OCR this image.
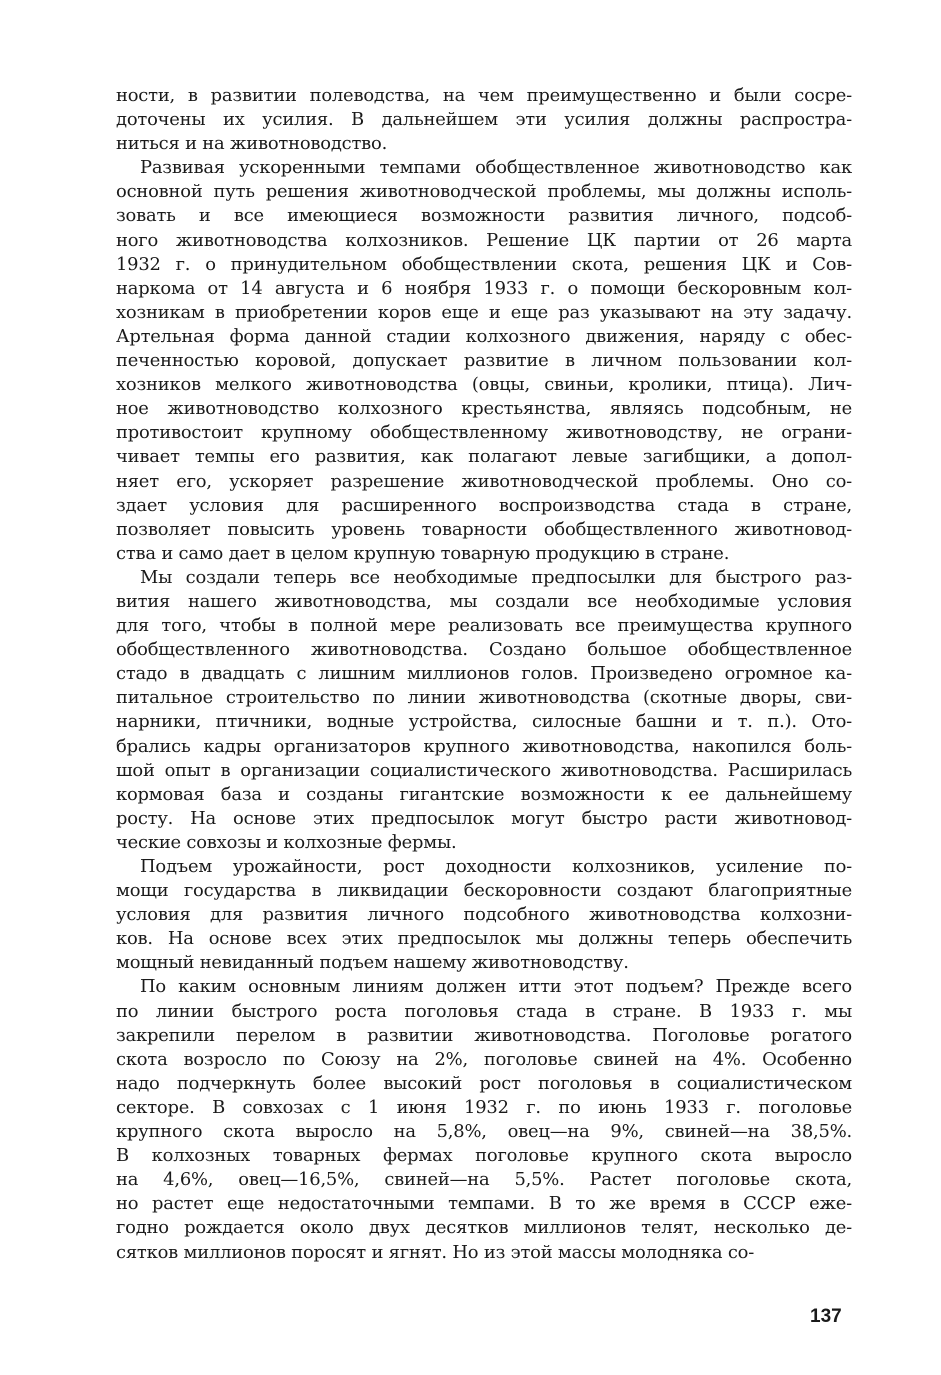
ности, в развитии полеводства, на чем преимущественно и были сосре-
доточены их усилия. В дальнейшем эти усилия должны распростра-
ниться и на животноводство.
Развивая ускоренными темпами обобществленное животноводство как
основной путь решения животноводческой проблемы, мы должны исполь-
зовать и все имеющиеся возможности развития личного, подсоб-
ного животноводства колхозников. Решение ЦК партии от 26 марта
1932 г. о принудительном обобществлении скота, решения ЦК и Сов-
наркома от 14 августа и 6 ноября 1933 г. о помощи бескоровным кол-
хозникам в приобретении коров еще и еще раз указывают на эту задачу.
Артельная форма данной стадии колхозного движения, наряду с обес-
печенностью коровой, допускает развитие в личном пользовании кол-
хозников мелкого животноводства (овцы, свиньи, кролики, птица). Лич-
ное животноводство колхозного крестьянства, являясь подсобным, не
противостоит крупному обобществленному животноводству, не ограни-
чивает темпы его развития, как полагают левые загибщики, а допол-
няет его, ускоряет разрешение животноводческой проблемы. Оно со-
здает условия для расширенного воспроизводства стада в стране,
позволяет повысить уровень товарности обобществленного животновод-
ства и само дает в целом крупную товарную продукцию в стране.
Мы создали теперь все необходимые предпосылки для быстрого раз-
вития нашего животноводства, мы создали все необходимые условия
для того, чтобы в полной мере реализовать все преимущества крупного
обобществленного животноводства. Создано большое обобществленное
стадо в двадцать с лишним миллионов голов. Произведено огромное ка-
питальное строительство по линии животноводства (скотные дворы, сви-
нарники, птичники, водные устройства, силосные башни и т. п.). Ото-
брались кадры организаторов крупного животноводства, накопился боль-
шой опыт в организации социалистического животноводства. Расширилась
кормовая база и созданы гигантские возможности к ее дальнейшему
росту. На основе этих предпосылок могут быстро расти животновод-
ческие совхозы и колхозные фермы.
Подъем урожайности, рост доходности колхозников, усиление по-
мощи государства в ликвидации бескоровности создают благоприятные
условия для развития личного подсобного животноводства колхозни-
ков. На основе всех этих предпосылок мы должны теперь обеспечить
мощный невиданный подъем нашему животноводству.
По каким основным линиям должен итти этот подъем? Прежде всего
по линии быстрого роста поголовья стада в стране. В 1933 г. мы
закрепили перелом в развитии животноводства. Поголовье рогатого
скота возросло по Союзу на 2%, поголовье свиней на 4%. Особенно
надо подчеркнуть более высокий рост поголовья в социалистическом
секторе. В совхозах с 1 июня 1932 г. по июнь 1933 г. поголовье
крупного скота выросло на 5,8%, овец—на 9%, свиней—на 38,5%.
В колхозных товарных фермах поголовье крупного скота выросло
на 4,6%, овец—16,5%, свиней—на 5,5%. Растет поголовье скота,
но растет еще недостаточными темпами. В то же время в СССР еже-
годно рождается около двух десятков миллионов телят, несколько де-
сятков миллионов поросят и ягнят. Но из этой массы молодняка со-
137
